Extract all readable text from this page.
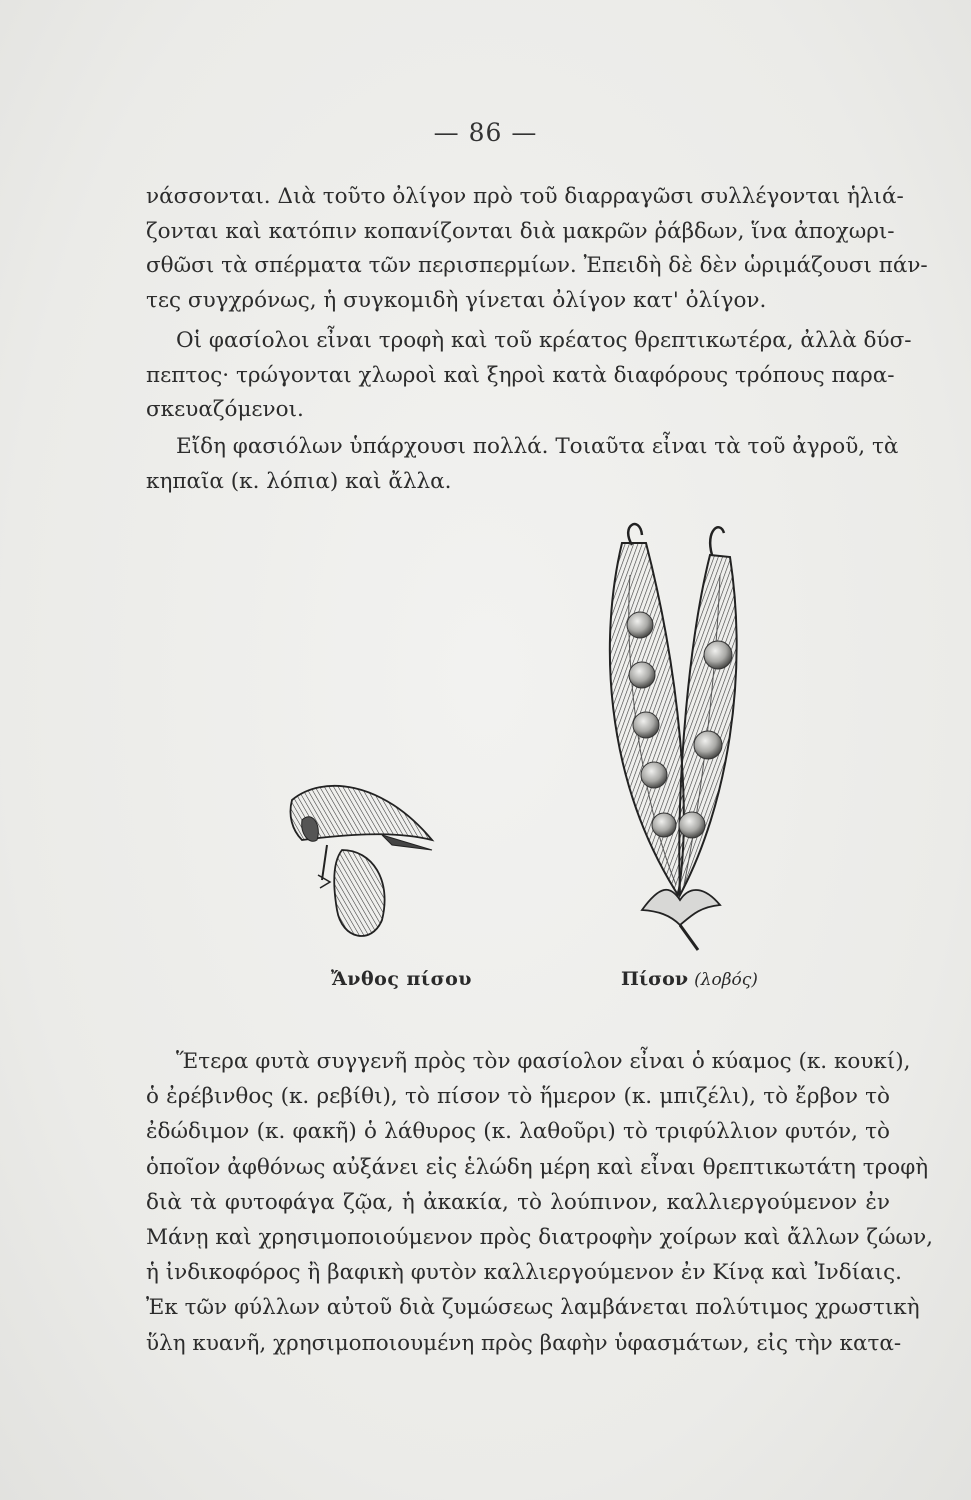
— 86 —
νάσσονται. Διὰ τοῦτο ὀλίγον πρὸ τοῦ διαρραγῶσι συλλέγονται ἡλιά-
ζονται καὶ κατόπιν κοπανίζονται διὰ μακρῶν ῥάβδων, ἵνα ἀποχωρι-
σθῶσι τὰ σπέρματα τῶν περισπερμίων. Ἐπειδὴ δὲ δὲν ὡριμάζουσι πάν-
τες συγχρόνως, ἡ συγκομιδὴ γίνεται ὀλίγον κατ' ὀλίγον.
Οἱ φασίολοι εἶναι τροφὴ καὶ τοῦ κρέατος θρεπτικωτέρα, ἀλλὰ δύσ-
πεπτος· τρώγονται χλωροὶ καὶ ξηροὶ κατὰ διαφόρους τρόπους παρα-
σκευαζόμενοι.
Εἴδη φασιόλων ὑπάρχουσι πολλά. Τοιαῦτα εἶναι τὰ τοῦ ἀγροῦ, τὰ
κηπαῖα (κ. λόπια) καὶ ἄλλα.
Ἄνθος πίσου	Πίσον (λοβός)
Ἕτερα φυτὰ συγγενῆ πρὸς τὸν φασίολον εἶναι ὁ κύαμος (κ. κουκί),
ὁ ἐρέβινθος (κ. ρεβίθι), τὸ πίσον τὸ ἥμερον (κ. μπιζέλι), τὸ ἔρβον τὸ
ἐδώδιμον (κ. φακῆ) ὁ λάθυρος (κ. λαθοῦρι) τὸ τριφύλλιον φυτόν, τὸ
ὁποῖον ἀφθόνως αὐξάνει εἰς ἑλώδη μέρη καὶ εἶναι θρεπτικωτάτη τροφὴ
διὰ τὰ φυτοφάγα ζῷα, ἡ ἀκακία, τὸ λούπινον, καλλιεργούμενον ἐν
Μάνῃ καὶ χρησιμοποιούμενον πρὸς διατροφὴν χοίρων καὶ ἄλλων ζώων,
ἡ ἰνδικοφόρος ἢ βαφικὴ φυτὸν καλλιεργούμενον ἐν Κίνᾳ καὶ Ἰνδίαις.
Ἐκ τῶν φύλλων αὐτοῦ διὰ ζυμώσεως λαμβάνεται πολύτιμος χρωστικὴ
ὕλη κυανῆ, χρησιμοποιουμένη πρὸς βαφὴν ὑφασμάτων, εἰς τὴν κατα-
